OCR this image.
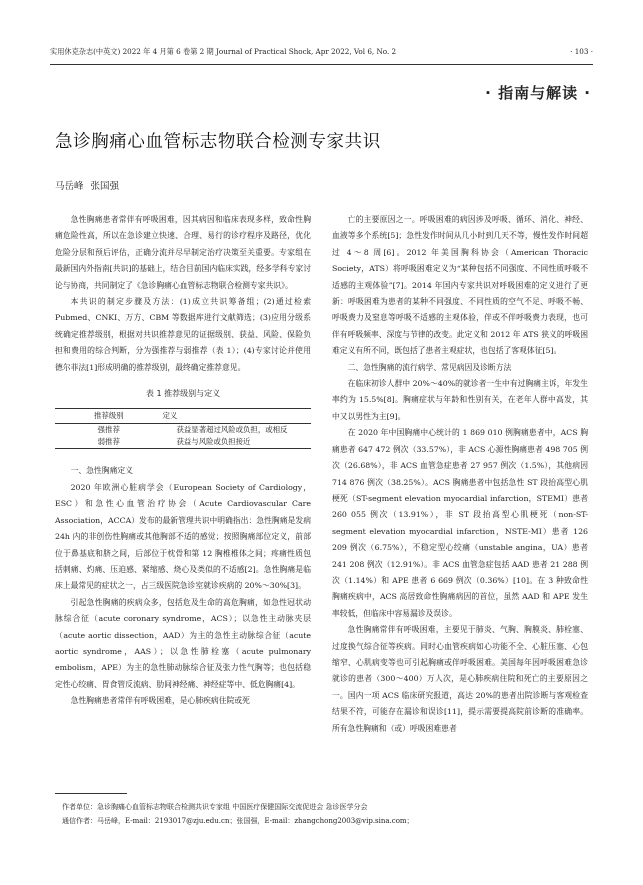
实用休克杂志(中英文) 2022 年 4 月第 6 卷第 2 期 Journal of Practical Shock, Apr 2022, Vol 6, No. 2	· 103 ·
· 指南与解读 ·
急诊胸痛心血管标志物联合检测专家共识
马岳峰 张国强

急性胸痛患者常伴有呼吸困难，因其病因和临床表现多样，致命性胸痛危险性高，所以在急诊建立快速、合理、易行的诊疗程序及路径，优化危险分层和预后评估，正确分流并尽早制定治疗决策至关重要。专家组在最新国内外指南[共识]的基础上，结合目前国内临床实践，经多学科专家讨论与协商，共同制定了《急诊胸痛心血管标志物联合检测专家共识》。

本共识的制定步骤及方法：(1)成立共识筹备组；(2)通过检索 Pubmed、CNKI、万方、CBM 等数据库进行文献筛选；(3)应用分级系统确定推荐级别，根据对共识推荐意见的证据级别、获益、风险、保险负担和费用的综合判断，分为强推荐与弱推荐（表 1）；(4)专家讨论并使用德尔菲法[1]形成明确的推荐级别，最终确定推荐意见。

表 1 推荐级别与定义
推荐级别	定义
强推荐	获益显著超过风险或负担，或相反
弱推荐	获益与风险或负担接近

一、急性胸痛定义

2020 年欧洲心脏病学会（European Society of Cardiology，ESC）和急性心血管治疗协会（Acute Cardiovascular Care Association，ACCA）发布的最新管理共识中明确指出：急性胸痛是发病 24h 内的非创伤性胸痛或其他胸部不适的感觉；按照胸痛部位定义，前部位于鼻基底和脐之间，后部位于枕骨和第 12 胸椎椎体之间；疼痛性质包括刺痛、灼痛、压迫感、紧缩感、烧心及类似的不适感[2]。急性胸痛是临床上最常见的症状之一，占三级医院急诊室就诊疾病的 20%～30%[3]。

引起急性胸痛的疾病众多，包括危及生命的高危胸痛，如急性冠状动脉综合征（acute coronary syndrome，ACS）；以急性主动脉夹层（acute aortic dissection，AAD）为主的急性主动脉综合征（acute aortic syndrome，AAS）；以急性肺栓塞（acute pulmonary embolism，APE）为主的急性肺动脉综合征及张力性气胸等；也包括稳定性心绞痛、胃食管反流病、肋间神经痛、神经症等中、低危胸痛[4]。

急性胸痛患者常伴有呼吸困难，是心肺疾病住院或死

亡的主要原因之一。呼吸困难的病因涉及呼吸、循环、消化、神经、血液等多个系统[5]；急性发作时间从几小时到几天不等，慢性发作时间超过 4～8 周[6]。2012 年美国胸科协会（American Thoracic Society，ATS）将呼吸困难定义为“某种包括不同强度、不同性质呼吸不适感的主观体验”[7]。2014 年国内专家共识对呼吸困难的定义进行了更新：呼吸困难为患者的某种不同强度、不同性质的空气不足、呼吸不畅、呼吸费力及窒息等呼吸不适感的主观体验，伴或不伴呼吸费力表现，也可伴有呼吸频率、深度与节律的改变。此定义和 2012 年 ATS 狭义的呼吸困难定义有所不同，既包括了患者主观症状，也包括了客观体征[5]。

二、急性胸痛的流行病学、常见病因及诊断方法

在临床初诊人群中 20%～40%的就诊者一生中有过胸痛主诉，年发生率约为 15.5%[8]。胸痛症状与年龄和性别有关，在老年人群中高发，其中又以男性为主[9]。

在 2020 年中国胸痛中心统计的 1 869 010 例胸痛患者中，ACS 胸痛患者 647 472 例次（33.57%），非 ACS 心源性胸痛患者 498 705 例次（26.68%），非 ACS 血管急症患者 27 957 例次（1.5%），其他病因 714 876 例次（38.25%）。ACS 胸痛患者中包括急性 ST 段抬高型心肌梗死（ST-segment elevation myocardial infarction，STEMI）患者 260 055 例次（13.91%），非 ST 段抬高型心肌梗死（non-ST-segment elevation myocardial infarction，NSTE-MI）患者 126 209 例次（6.75%），不稳定型心绞痛（unstable angina，UA）患者 241 208 例次（12.91%）。非 ACS 血管急症包括 AAD 患者 21 288 例次（1.14%）和 APE 患者 6 669 例次（0.36%）[10]。在 3 种致命性胸痛疾病中，ACS 高居致命性胸痛病因的首位，虽然 AAD 和 APE 发生率较低，但临床中容易漏诊及误诊。

急性胸痛常伴有呼吸困难，主要见于肺炎、气胸、胸膜炎、肺栓塞、过度换气综合征等疾病。同时心血管疾病如心功能不全、心脏压塞、心包缩窄、心肌病变等也可引起胸痛或伴呼吸困难。美国每年因呼吸困难急诊就诊的患者（300～400）万人次，是心肺疾病住院和死亡的主要原因之一。国内一项 ACS 临床研究报道，高达 20%的患者出院诊断与客观检查结果不符，可能存在漏诊和误诊[11]，提示需要提高院前诊断的准确率。所有急性胸痛和（或）呼吸困难患者

作者单位：急诊胸痛心血管标志物联合检测共识专家组 中国医疗保健国际交流促进会 急诊医学分会
通信作者：马岳峰，E-mail：2193017@zju.edu.cn；张国强，E-mail：zhangchong2003@vip.sina.com；
